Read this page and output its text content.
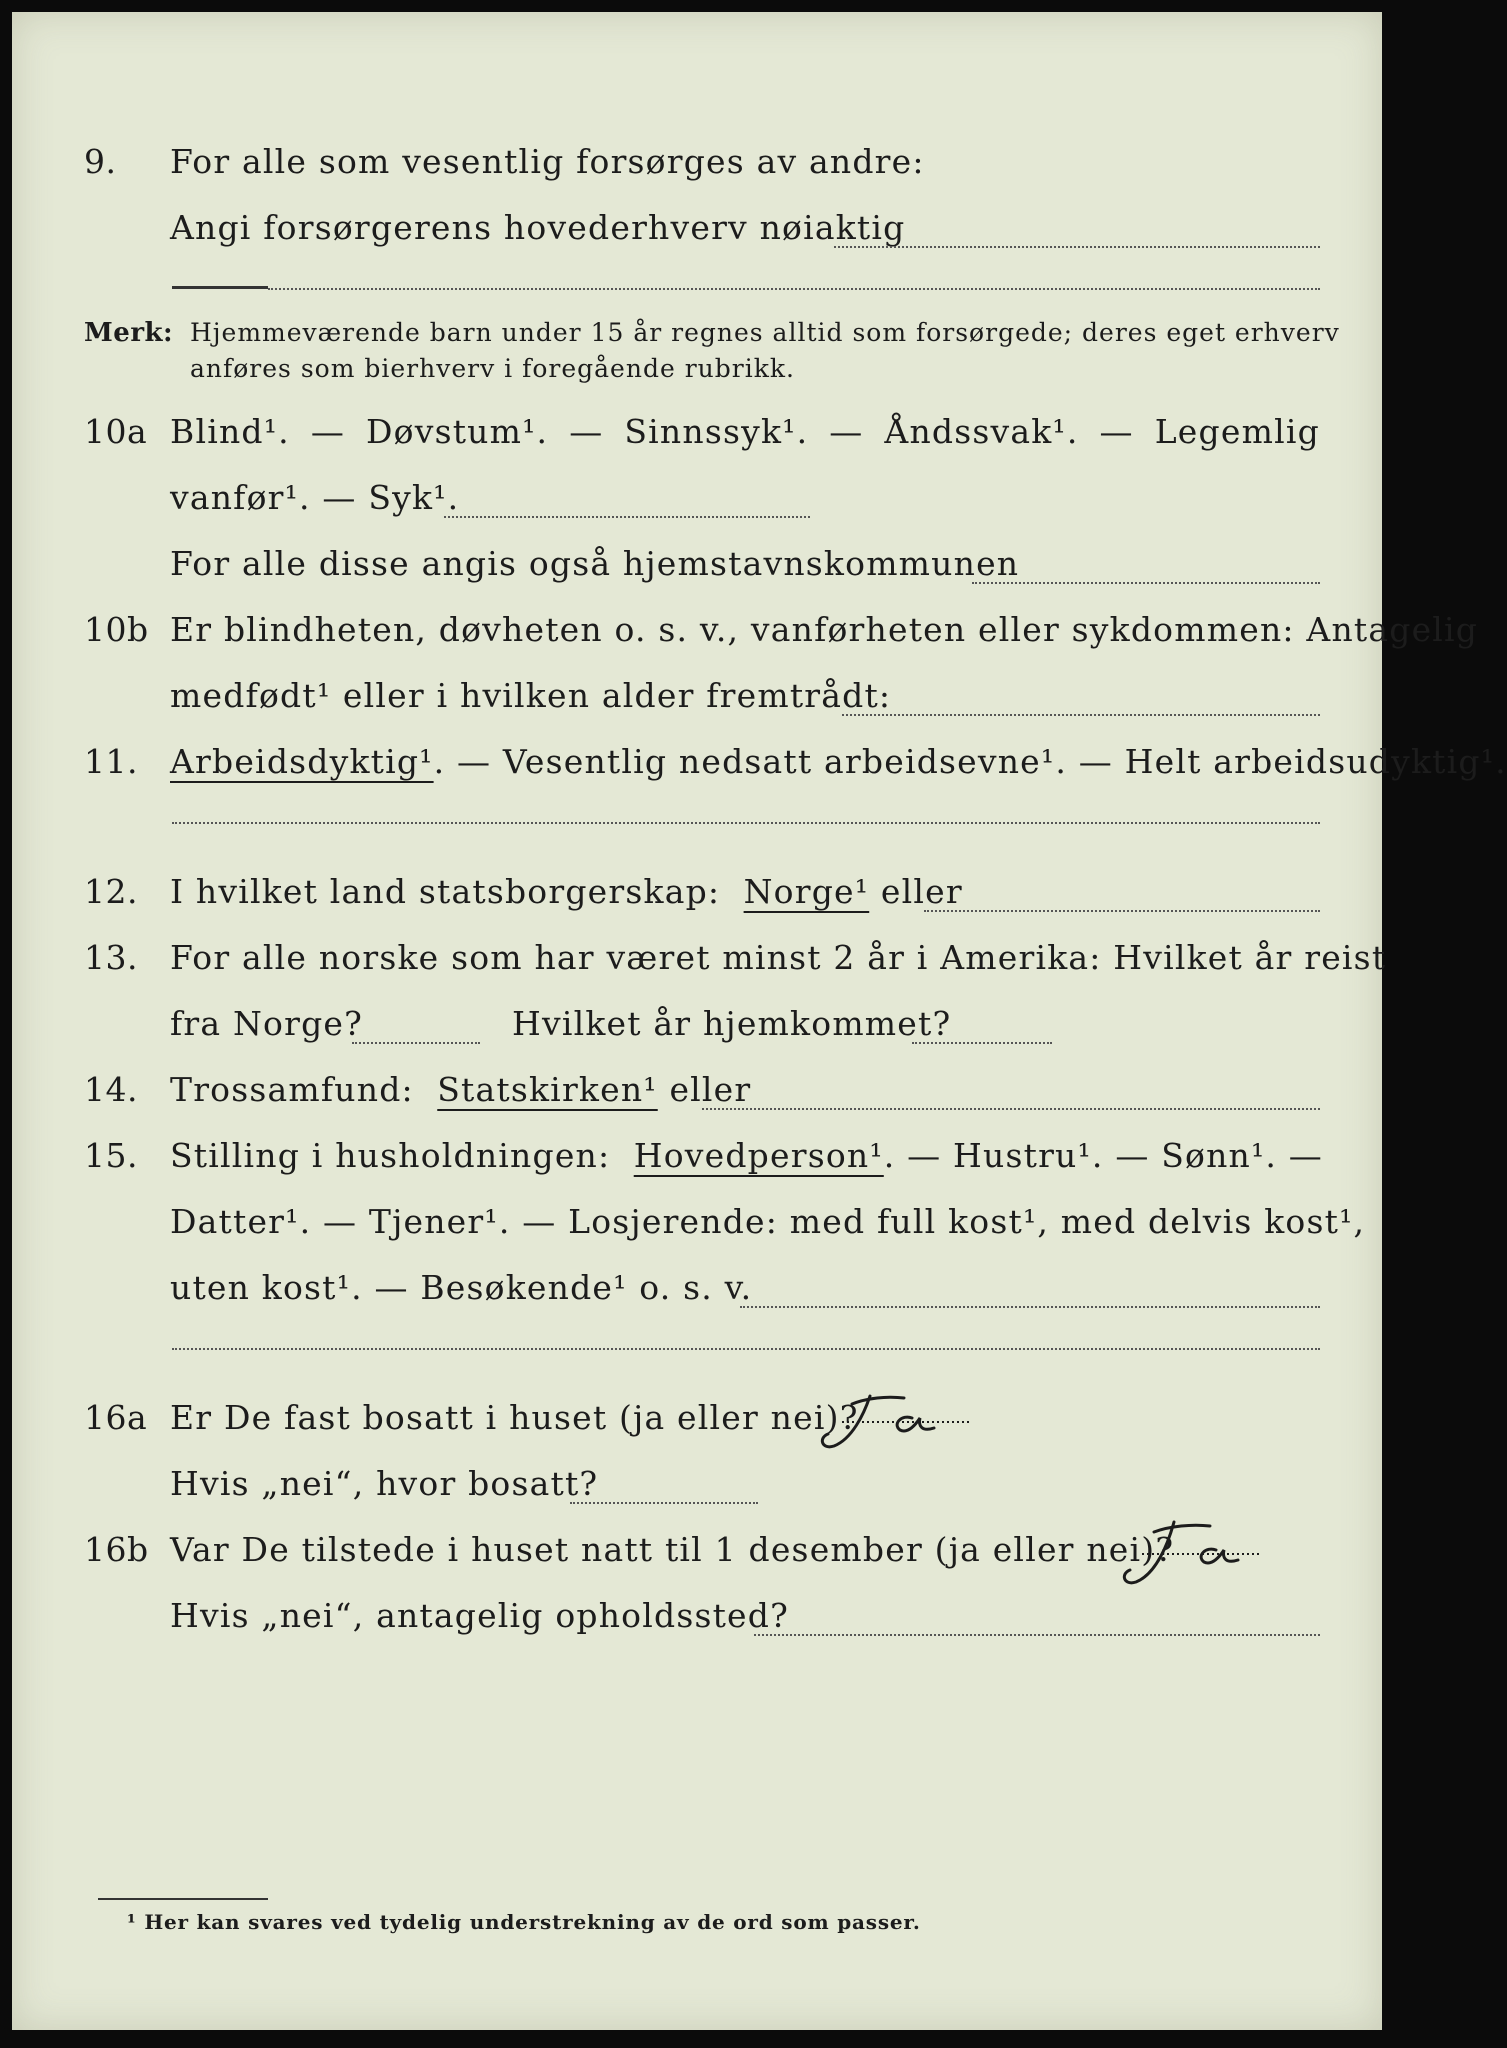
9.	For alle som vesentlig forsørges av andre:
Angi forsørgerens hovederhverv nøiaktig
Merk: Hjemmeværende barn under 15 år regnes alltid som forsørgede; deres eget erhverv
anføres som bierhverv i foregående rubrikk.
10a Blind¹. — Døvstum¹. — Sinnssyk¹. — Åndssvak¹. — Legemlig
vanfør¹. — Syk¹.
For alle disse angis også hjemstavnskommunen
10b Er blindheten, døvheten o. s. v., vanførheten eller sykdommen: Antagelig
medfødt¹ eller i hvilken alder fremtrådt:
11. Arbeidsdyktig¹. — Vesentlig nedsatt arbeidsevne¹. — Helt arbeidsudyktig¹.
12. I hvilket land statsborgerskap: Norge¹ eller
13. For alle norske som har været minst 2 år i Amerika: Hvilket år reist
fra Norge?	Hvilket år hjemkommet?
14. Trossamfund: Statskirken¹ eller
15. Stilling i husholdningen: Hovedperson¹. — Hustru¹. — Sønn¹. —
Datter¹. — Tjener¹. — Losjerende: med full kost¹, med delvis kost¹,
uten kost¹. — Besøkende¹ o. s. v.
16a Er De fast bosatt i huset (ja eller nei)?
Hvis „nei“, hvor bosatt?
16b Var De tilstede i huset natt til 1 desember (ja eller nei)?
Hvis „nei“, antagelig opholdssted?
¹ Her kan svares ved tydelig understrekning av de ord som passer.
